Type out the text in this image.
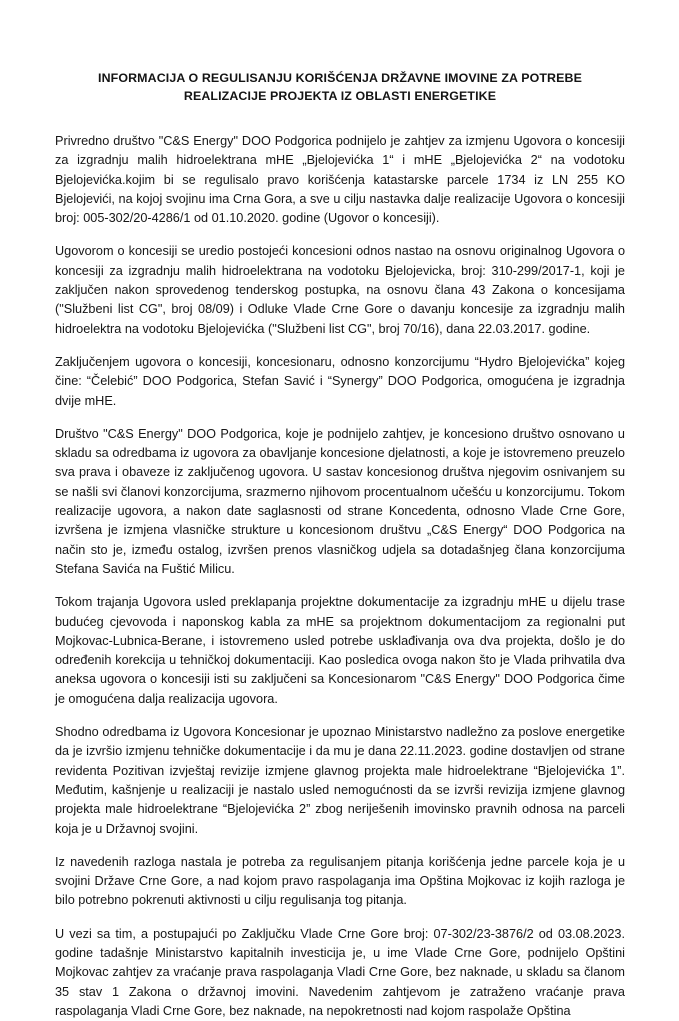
INFORMACIJA O REGULISANJU KORIŠĆENJA DRŽAVNE IMOVINE ZA POTREBE
REALIZACIJE PROJEKTA IZ OBLASTI ENERGETIKE

Privredno društvo "C&S Energy" DOO Podgorica podnijelo je zahtjev za izmjenu Ugovora o koncesiji za izgradnju malih hidroelektrana mHE „Bjelojevićka 1“ i mHE „Bjelojevićka 2“ na vodotoku Bjelojevićka.kojim bi se regulisalo pravo korišćenja katastarske parcele 1734 iz LN 255 KO Bjelojevići, na kojoj svojinu ima Crna Gora, a sve u cilju nastavka dalje realizacije Ugovora o koncesiji broj: 005-302/20-4286/1 od 01.10.2020. godine (Ugovor o koncesiji).

Ugovorom o koncesiji se uredio postojeći koncesioni odnos nastao na osnovu originalnog Ugovora o koncesiji za izgradnju malih hidroelektrana na vodotoku Bjelojevicka, broj: 310-299/2017-1, koji je zaključen nakon sprovedenog tenderskog postupka, na osnovu člana 43 Zakona o koncesijama ("Službeni list CG", broj 08/09) i Odluke Vlade Crne Gore o davanju koncesije za izgradnju malih hidroelektra na vodotoku Bjelojevićka ("Službeni list CG", broj 70/16), dana 22.03.2017. godine.

Zaključenjem ugovora o koncesiji, koncesionaru, odnosno konzorcijumu “Hydro Bjelojevićka” kojeg čine: “Čelebić” DOO Podgorica, Stefan Savić i “Synergy” DOO Podgorica, omogućena je izgradnja dvije mHE.

Društvo "C&S Energy" DOO Podgorica, koje je podnijelo zahtjev, je koncesiono društvo osnovano u skladu sa odredbama iz ugovora za obavljanje koncesione djelatnosti, a koje je istovremeno preuzelo sva prava i obaveze iz zaključenog ugovora. U sastav koncesionog društva njegovim osnivanjem su se našli svi članovi konzorcijuma, srazmerno njihovom procentualnom učešću u konzorcijumu. Tokom realizacije ugovora, a nakon date saglasnosti od strane Koncedenta, odnosno Vlade Crne Gore, izvršena je izmjena vlasničke strukture u koncesionom društvu „C&S Energy“ DOO Podgorica na način sto je, između ostalog, izvršen prenos vlasničkog udjela sa dotadašnjeg člana konzorcijuma Stefana Savića na Fuštić Milicu.

Tokom trajanja Ugovora usled preklapanja projektne dokumentacije za izgradnju mHE u dijelu trase budućeg cjevovoda i naponskog kabla za mHE sa projektnom dokumentacijom za regionalni put Mojkovac-Lubnica-Berane, i istovremeno usled potrebe usklađivanja ova dva projekta, došlo je do određenih korekcija u tehničkoj dokumentaciji. Kao posledica ovoga nakon što je Vlada prihvatila dva aneksa ugovora o koncesiji isti su zaključeni sa Koncesionarom "C&S Energy" DOO Podgorica čime je omogućena dalja realizacija ugovora.

Shodno odredbama iz Ugovora Koncesionar je upoznao Ministarstvo nadležno za poslove energetike da je izvršio izmjenu tehničke dokumentacije i da mu je dana 22.11.2023. godine dostavljen od strane revidenta Pozitivan izvještaj revizije izmjene glavnog projekta male hidroelektrane “Bjelojevićka 1”. Međutim, kašnjenje u realizaciji je nastalo usled nemogućnosti da se izvrši revizija izmjene glavnog projekta male hidroelektrane “Bjelojevićka 2” zbog neriješenih imovinsko pravnih odnosa na parceli koja je u Državnoj svojini.

Iz navedenih razloga nastala je potreba za regulisanjem pitanja korišćenja jedne parcele koja je u svojini Države Crne Gore, a nad kojom pravo raspolaganja ima Opština Mojkovac iz kojih razloga je bilo potrebno pokrenuti aktivnosti u cilju regulisanja tog pitanja.

U vezi sa tim, a postupajući po Zaključku Vlade Crne Gore broj: 07-302/23-3876/2 od 03.08.2023. godine tadašnje Ministarstvo kapitalnih investicija je, u ime Vlade Crne Gore, podnijelo Opštini Mojkovac zahtjev za vraćanje prava raspolaganja Vladi Crne Gore, bez naknade, u skladu sa članom 35 stav 1 Zakona o državnoj imovini. Navedenim zahtjevom je zatraženo vraćanje prava raspolaganja Vladi Crne Gore, bez naknade, na nepokretnosti nad kojom raspolaže Opština
